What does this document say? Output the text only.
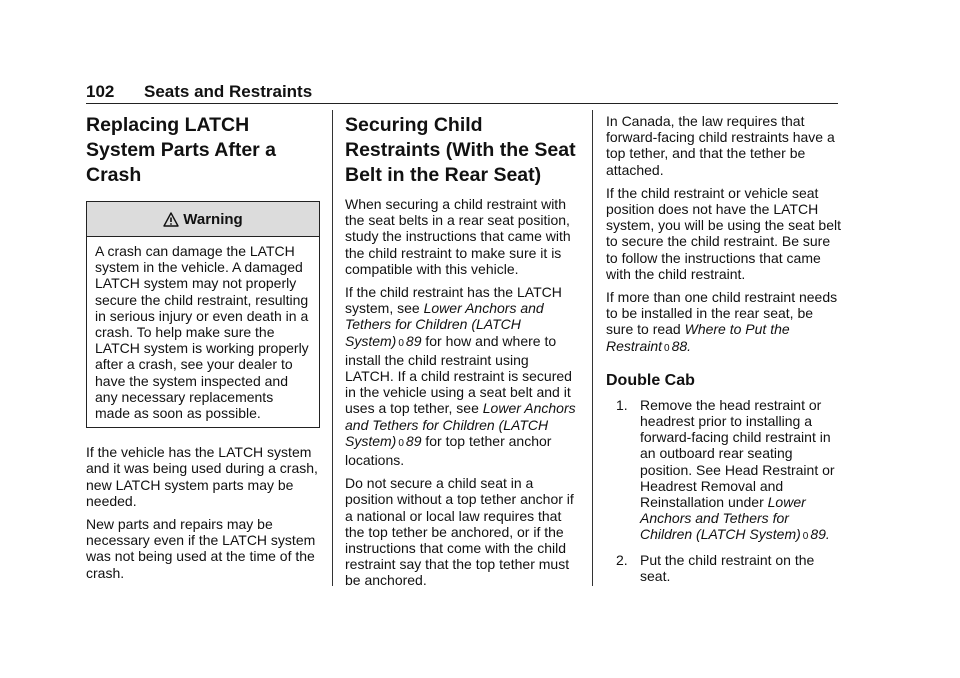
102 Seats and Restraints
Replacing LATCH System Parts After a Crash
Warning
A crash can damage the LATCH system in the vehicle. A damaged LATCH system may not properly secure the child restraint, resulting in serious injury or even death in a crash. To help make sure the LATCH system is working properly after a crash, see your dealer to have the system inspected and any necessary replacements made as soon as possible.

If the vehicle has the LATCH system and it was being used during a crash, new LATCH system parts may be needed.

New parts and repairs may be necessary even if the LATCH system was not being used at the time of the crash.

Securing Child Restraints (With the Seat Belt in the Rear Seat)

When securing a child restraint with the seat belts in a rear seat position, study the instructions that came with the child restraint to make sure it is compatible with this vehicle.

If the child restraint has the LATCH system, see Lower Anchors and Tethers for Children (LATCH System) 0 89 for how and where to install the child restraint using LATCH. If a child restraint is secured in the vehicle using a seat belt and it uses a top tether, see Lower Anchors and Tethers for Children (LATCH System) 0 89 for top tether anchor locations.

Do not secure a child seat in a position without a top tether anchor if a national or local law requires that the top tether be anchored, or if the instructions that come with the child restraint say that the top tether must be anchored.

In Canada, the law requires that forward-facing child restraints have a top tether, and that the tether be attached.

If the child restraint or vehicle seat position does not have the LATCH system, you will be using the seat belt to secure the child restraint. Be sure to follow the instructions that came with the child restraint.

If more than one child restraint needs to be installed in the rear seat, be sure to read Where to Put the Restraint 0 88.

Double Cab
1. Remove the head restraint or headrest prior to installing a forward-facing child restraint in an outboard rear seating position. See Head Restraint or Headrest Removal and Reinstallation under Lower Anchors and Tethers for Children (LATCH System) 0 89.
2. Put the child restraint on the seat.
